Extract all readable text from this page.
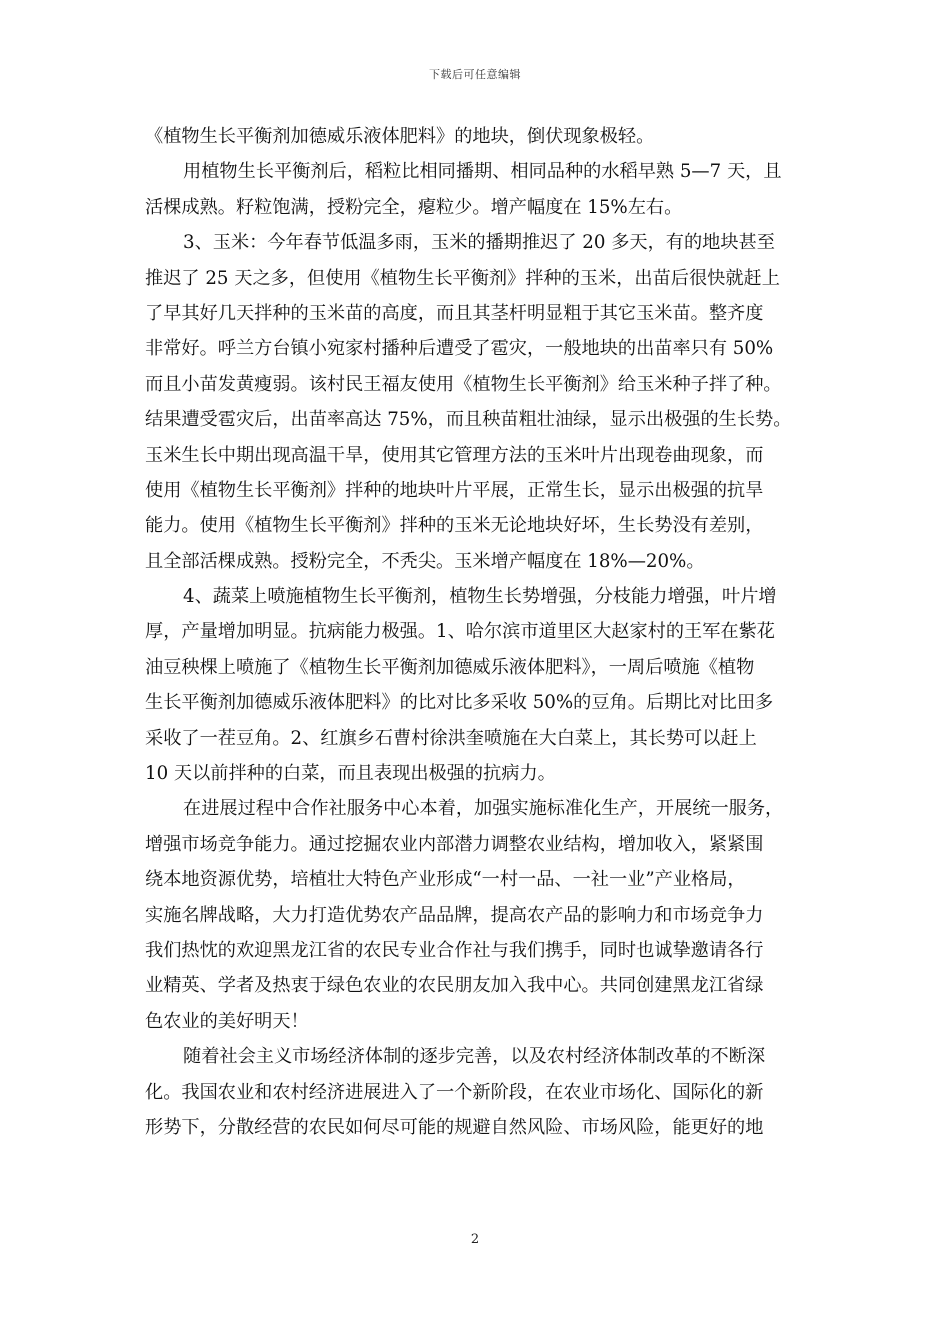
下载后可任意编辑
《植物生长平衡剂加德威乐液体肥料》的地块，倒伏现象极轻。
用植物生长平衡剂后，稻粒比相同播期、相同品种的水稻早熟 5—7 天，且
活棵成熟。籽粒饱满，授粉完全，瘪粒少。增产幅度在 15%左右。
3、玉米：今年春节低温多雨，玉米的播期推迟了 20 多天，有的地块甚至
推迟了 25 天之多，但使用《植物生长平衡剂》拌种的玉米，出苗后很快就赶上
了早其好几天拌种的玉米苗的高度，而且其茎杆明显粗于其它玉米苗。整齐度
非常好。呼兰方台镇小宛家村播种后遭受了雹灾，一般地块的出苗率只有 50%
而且小苗发黄瘦弱。该村民王福友使用《植物生长平衡剂》给玉米种子拌了种。
结果遭受雹灾后，出苗率高达 75%，而且秧苗粗壮油绿，显示出极强的生长势。
玉米生长中期出现高温干旱，使用其它管理方法的玉米叶片出现卷曲现象，而
使用《植物生长平衡剂》拌种的地块叶片平展，正常生长，显示出极强的抗旱
能力。使用《植物生长平衡剂》拌种的玉米无论地块好坏，生长势没有差别，
且全部活棵成熟。授粉完全，不秃尖。玉米增产幅度在 18%—20%。
4、蔬菜上喷施植物生长平衡剂，植物生长势增强，分枝能力增强，叶片增
厚，产量增加明显。抗病能力极强。1、哈尔滨市道里区大赵家村的王军在紫花
油豆秧棵上喷施了《植物生长平衡剂加德威乐液体肥料》，一周后喷施《植物
生长平衡剂加德威乐液体肥料》的比对比多采收 50%的豆角。后期比对比田多
采收了一茬豆角。2、红旗乡石曹村徐洪奎喷施在大白菜上，其长势可以赶上
10 天以前拌种的白菜，而且表现出极强的抗病力。
在进展过程中合作社服务中心本着，加强实施标准化生产，开展统一服务，
增强市场竞争能力。通过挖掘农业内部潜力调整农业结构，增加收入，紧紧围
绕本地资源优势，培植壮大特色产业形成“一村一品、一社一业”产业格局，
实施名牌战略，大力打造优势农产品品牌，提高农产品的影响力和市场竞争力
我们热忱的欢迎黑龙江省的农民专业合作社与我们携手，同时也诚挚邀请各行
业精英、学者及热衷于绿色农业的农民朋友加入我中心。共同创建黑龙江省绿
色农业的美好明天！
随着社会主义市场经济体制的逐步完善，以及农村经济体制改革的不断深
化。我国农业和农村经济进展进入了一个新阶段，在农业市场化、国际化的新
形势下，分散经营的农民如何尽可能的规避自然风险、市场风险，能更好的地
2
